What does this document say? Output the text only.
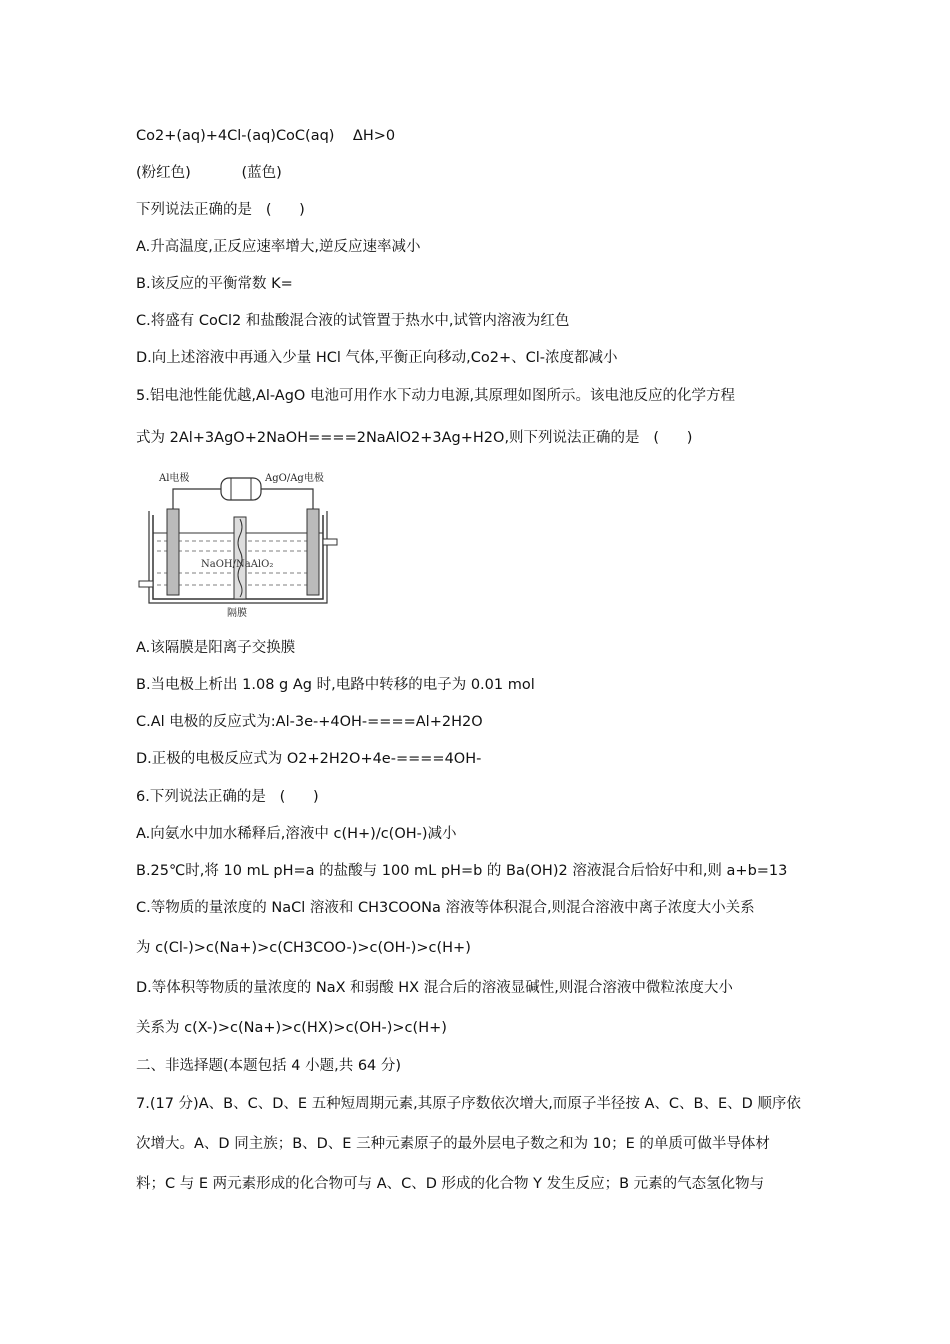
Co2+(aq)+4Cl-(aq)CoC(aq)    ΔH>0
(粉红色)           (蓝色)
下列说法正确的是   (      )
A.升高温度,正反应速率增大,逆反应速率减小
B.该反应的平衡常数 K=
C.将盛有 CoCl2 和盐酸混合液的试管置于热水中,试管内溶液为红色
D.向上述溶液中再通入少量 HCl 气体,平衡正向移动,Co2+、Cl-浓度都减小
5.铝电池性能优越,Al-AgO 电池可用作水下动力电源,其原理如图所示。该电池反应的化学方程
式为 2Al+3AgO+2NaOH====2NaAlO2+3Ag+H2O,则下列说法正确的是   (      )
Al电极	AgO/Ag电极
NaOH/NaAlO₂
隔膜
A.该隔膜是阳离子交换膜
B.当电极上析出 1.08 g Ag 时,电路中转移的电子为 0.01 mol
C.Al 电极的反应式为:Al-3e-+4OH-====Al+2H2O
D.正极的电极反应式为 O2+2H2O+4e-====4OH-
6.下列说法正确的是   (      )
A.向氨水中加水稀释后,溶液中 c(H+)/c(OH-)减小
B.25℃时,将 10 mL pH=a 的盐酸与 100 mL pH=b 的 Ba(OH)2 溶液混合后恰好中和,则 a+b=13
C.等物质的量浓度的 NaCl 溶液和 CH3COONa 溶液等体积混合,则混合溶液中离子浓度大小关系
为 c(Cl-)>c(Na+)>c(CH3COO-)>c(OH-)>c(H+)
D.等体积等物质的量浓度的 NaX 和弱酸 HX 混合后的溶液显碱性,则混合溶液中微粒浓度大小
关系为 c(X-)>c(Na+)>c(HX)>c(OH-)>c(H+)
二、非选择题(本题包括 4 小题,共 64 分)
7.(17 分)A、B、C、D、E 五种短周期元素,其原子序数依次增大,而原子半径按 A、C、B、E、D 顺序依
次增大。A、D 同主族；B、D、E 三种元素原子的最外层电子数之和为 10；E 的单质可做半导体材
料；C 与 E 两元素形成的化合物可与 A、C、D 形成的化合物 Y 发生反应；B 元素的气态氢化物与
